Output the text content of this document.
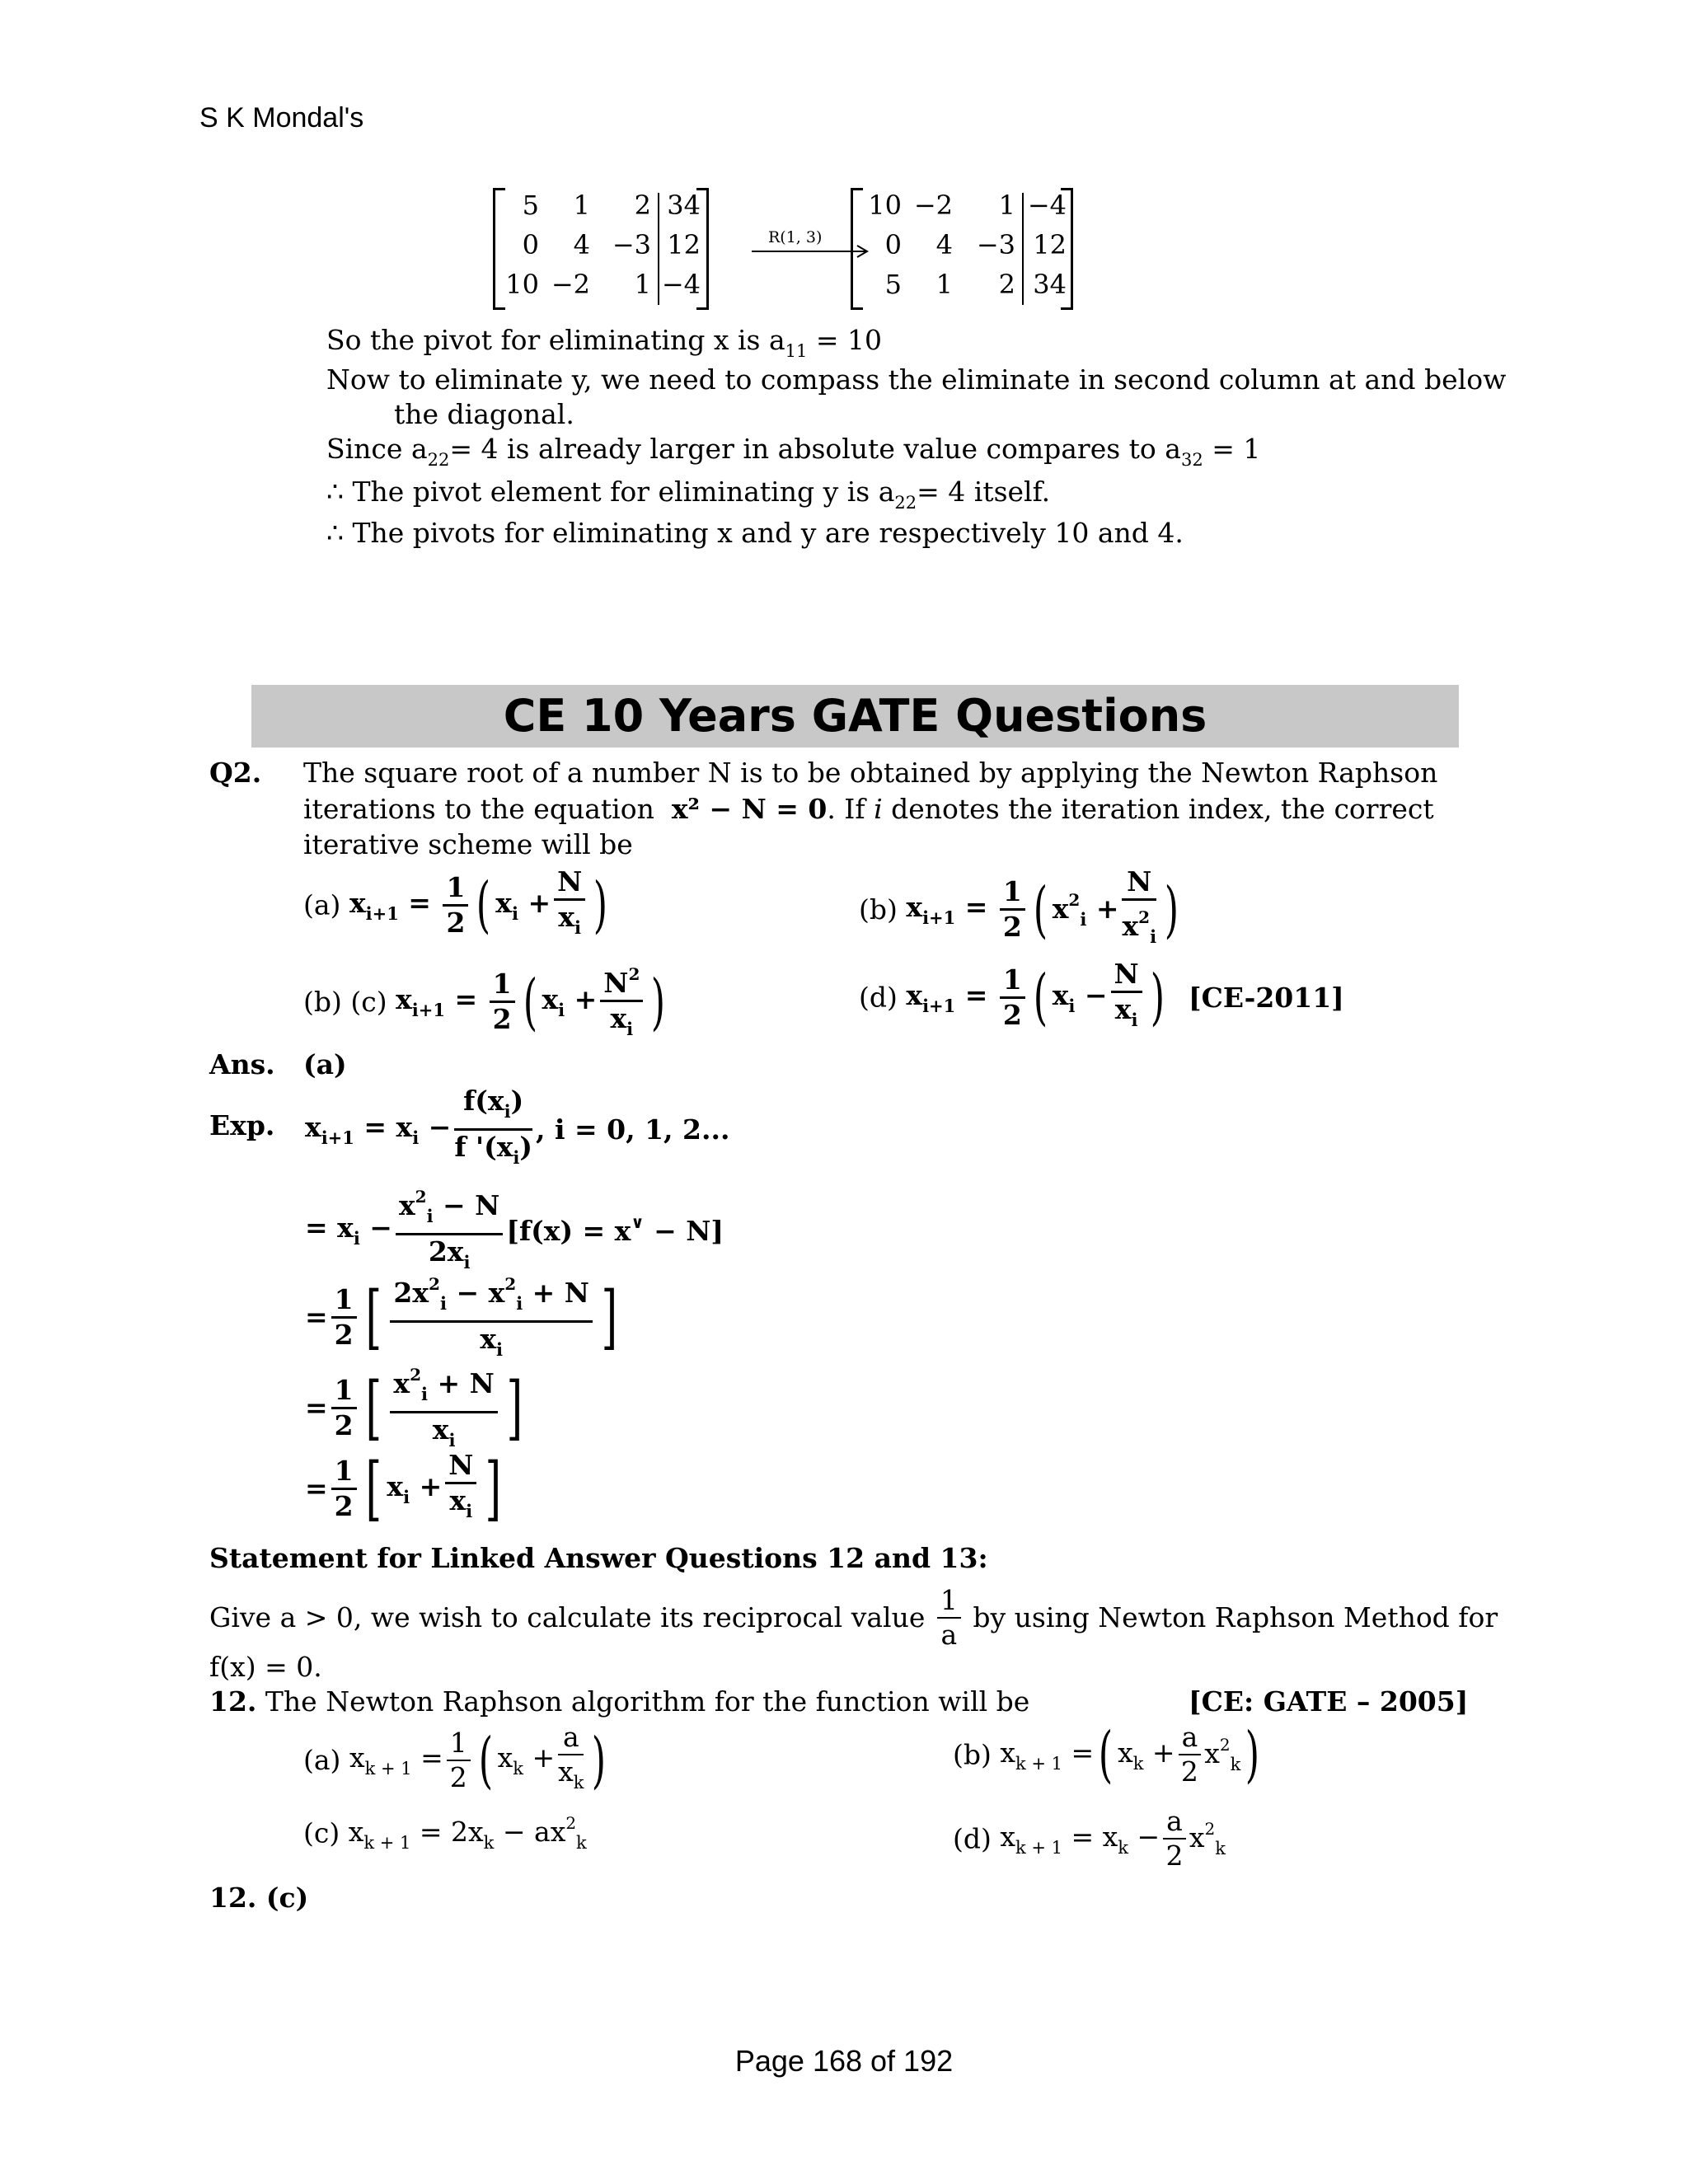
S K Mondal's
5	1	2 34
0	4 −3 12
10 −2	1 −4
R(1, 3)
10 −2	1 −4
0	4 −3 12
5	1	2 34
So the pivot for eliminating x is $a_{11} = 10$
Now to eliminate y, we need to compass the eliminate in second column at and below
the diagonal.
Since $a_{22}= 4$ is already larger in absolute value compares to $a_{32} = 1$
∴ The pivot element for eliminating y is $a_{22}= 4$ itself.
∴ The pivots for eliminating x and y are respectively 10 and 4.
CE 10 Years GATE Questions
Q2. The square root of a number N is to be obtained by applying the Newton Raphson
iterations to the equation x² − N = 0. If i denotes the iteration index, the correct
iterative scheme will be
(a) $x_{i+1} = \frac{1}{2}$ ( $x_i + \frac{N}{x_i}$ )	(b) $x_{i+1} = \frac{1}{2}$ ( $x^2_i + \frac{N}{x^2_i}$ )
(b) (c) $x_{i+1} = \frac{1}{2}$ ( $x_i + \frac{N^2}{x_i}$ )	(d) $x_{i+1} = \frac{1}{2}$ ( $x_i - \frac{N}{x_i}$ ) [CE-2011]
Ans. (a)
Exp. $x_{i+1} = x_i - \frac{f(x_i)}{f '(x_i)}$ , i = 0, 1, 2...
= $x_i - \frac{x^2_i - N}{2x_i} [f(x) = x^\vee - N]$
= $\frac{1}{2}$ [ $\frac{2x^2_i - x^2_i + N}{x_i}$ ]
= $\frac{1}{2}$ [ $\frac{x^2_i + N}{x_i}$ ]
= $\frac{1}{2}$ [ $x_i + \frac{N}{x_i}$ ]
Statement for Linked Answer Questions 12 and 13:
Give a > 0, we wish to calculate its reciprocal value $\frac{1}{a}$ by using Newton Raphson Method for
f(x) = 0.
12. The Newton Raphson algorithm for the function will be	[CE: GATE – 2005]
(a) $x_{k + 1} = \frac{1}{2}$ ( $x_k + \frac{a}{x_k}$ )	(b) $x_{k + 1}$ =( $x_k + \frac{a}{2} x^2_k$)
(c) $x_{k + 1} = 2x_k - ax^2_k$	(d) $x_{k + 1} = x_k - \frac{a}{2} x^2_k$
12. (c)
Page 168 of 192
